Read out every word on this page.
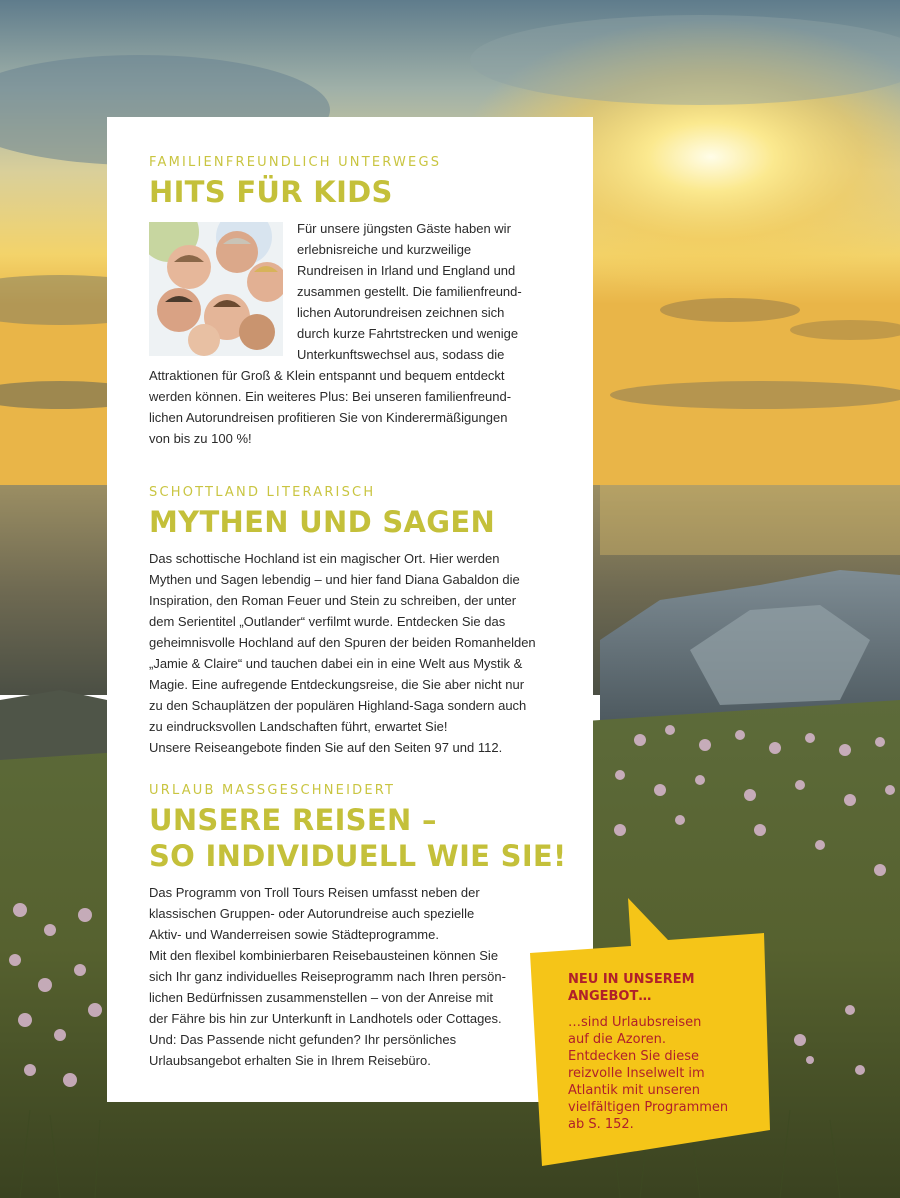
FAMILIENFREUNDLICH UNTERWEGS
HITS FÜR KIDS

Für unsere jüngsten Gäste haben wir
erlebnisreiche und kurzweilige
Rundreisen in Irland und England und
zusammen gestellt. Die familienfreund-
lichen Autorundreisen zeichnen sich
durch kurze Fahrtstrecken und wenige
Unterkunftswechsel aus, sodass die

Attraktionen für Groß & Klein entspannt und bequem entdeckt
werden können. Ein weiteres Plus: Bei unseren familienfreund-
lichen Autorundreisen profitieren Sie von Kinderermäßigungen
von bis zu 100 %!

SCHOTTLAND LITERARISCH
MYTHEN UND SAGEN

Das schottische Hochland ist ein magischer Ort. Hier werden
Mythen und Sagen lebendig – und hier fand Diana Gabaldon die
Inspiration, den Roman Feuer und Stein zu schreiben, der unter
dem Serientitel „Outlander“ verfilmt wurde. Entdecken Sie das
geheimnisvolle Hochland auf den Spuren der beiden Romanhelden
„Jamie & Claire“ und tauchen dabei ein in eine Welt aus Mystik &
Magie. Eine aufregende Entdeckungsreise, die Sie aber nicht nur
zu den Schauplätzen der populären Highland-Saga sondern auch
zu eindrucksvollen Landschaften führt, erwartet Sie!
Unsere Reiseangebote finden Sie auf den Seiten 97 und 112.

URLAUB MASSGESCHNEIDERT
UNSERE REISEN –
SO INDIVIDUELL WIE SIE!

Das Programm von Troll Tours Reisen umfasst neben der
klassischen Gruppen- oder Autorundreise auch spezielle
Aktiv- und Wanderreisen sowie Städteprogramme.
Mit den flexibel kombinierbaren Reisebausteinen können Sie
sich Ihr ganz individuelles Reiseprogramm nach Ihren persön-
lichen Bedürfnissen zusammenstellen – von der Anreise mit
der Fähre bis hin zur Unterkunft in Landhotels oder Cottages.
Und: Das Passende nicht gefunden? Ihr persönliches
Urlaubsangebot erhalten Sie in Ihrem Reisebüro.

NEU IN UNSEREM
ANGEBOT…
…sind Urlaubsreisen
auf die Azoren.
Entdecken Sie diese
reizvolle Inselwelt im
Atlantik mit unseren
vielfältigen Programmen
ab S. 152.
